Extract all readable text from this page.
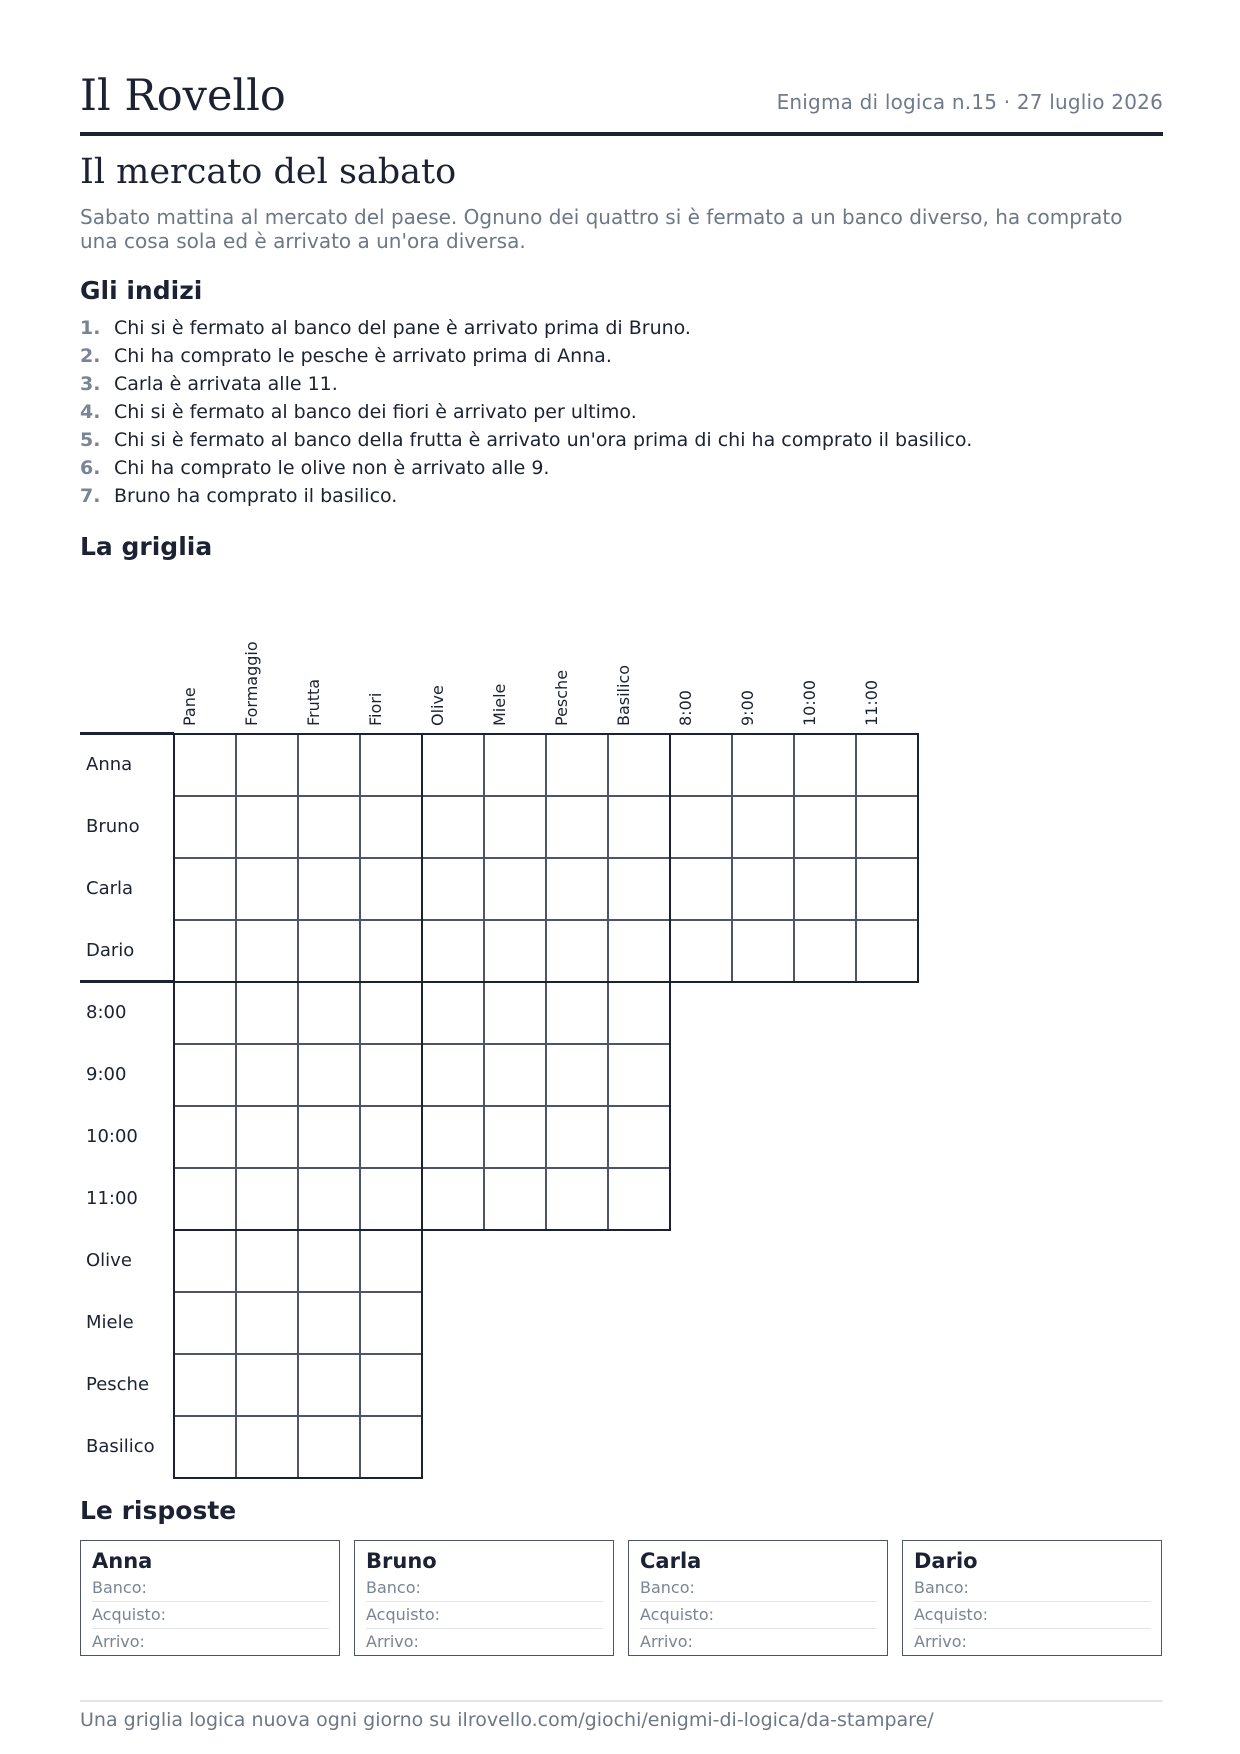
Il Rovello	Enigma di logica n.15 · 27 luglio 2026
Il mercato del sabato

Sabato mattina al mercato del paese. Ognuno dei quattro si è fermato a un banco diverso, ha comprato una cosa sola ed è arrivato a un'ora diversa.

Gli indizi
1. Chi si è fermato al banco del pane è arrivato prima di Bruno.
2. Chi ha comprato le pesche è arrivato prima di Anna.
3. Carla è arrivata alle 11.
4. Chi si è fermato al banco dei fiori è arrivato per ultimo.
5. Chi si è fermato al banco della frutta è arrivato un'ora prima di chi ha comprato il basilico.
6. Chi ha comprato le olive non è arrivato alle 9.
7. Bruno ha comprato il basilico.
La griglia
Pane	Formaggio	Frutta	Fiori	Olive	Miele	Pesche	Basilico	8:00	9:00	10:00	11:00
Anna
Bruno
Carla
Dario
8:00
9:00
10:00
11:00
Olive
Miele
Pesche
Basilico
Le risposte
Anna
Banco:
Acquisto:
Arrivo:
Bruno
Banco:
Acquisto:
Arrivo:
Carla
Banco:
Acquisto:
Arrivo:
Dario
Banco:
Acquisto:
Arrivo:
Una griglia logica nuova ogni giorno su ilrovello.com/giochi/enigmi-di-logica/da-stampare/
